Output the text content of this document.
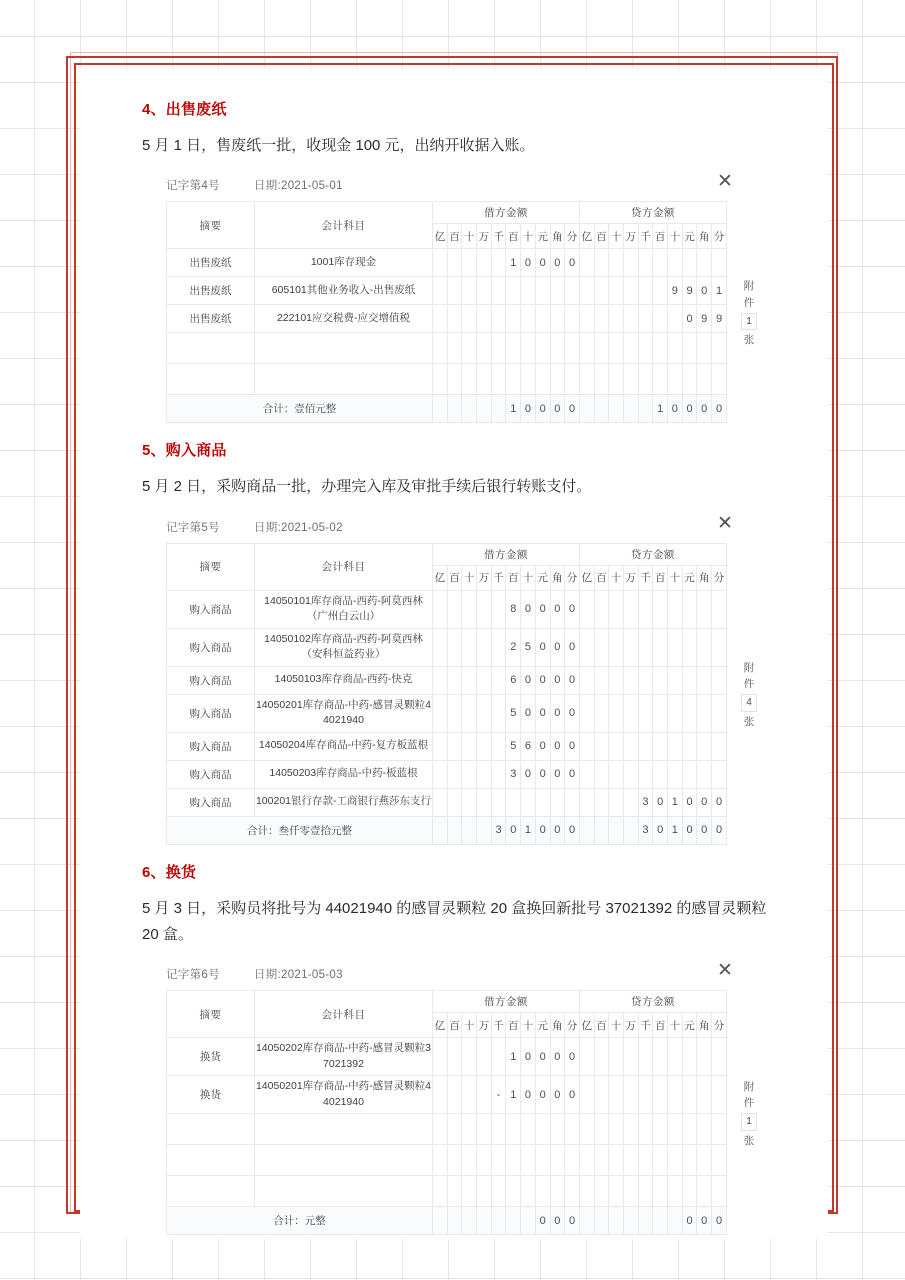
4、出售废纸
5 月 1 日，售废纸一批，收现金 100 元，出纳开收据入账。
记字第4号	日期:2021-05-01	✕
摘要	会计科目	借方金额										贷方金额									
		亿	百	十	万	千	百	十	元	角	分	亿	百	十	万	千	百	十	元	角	分
出售废纸	1001库存现金						1	0	0	0	0										
出售废纸	605101其他业务收入-出售废纸																	9	9	0	1
出售废纸	222101应交税费-应交增值税																		0	9	9

合计：壹佰元整							1	0	0	0	0						1	0	0	0	0
附
件
1
张
5、购入商品
5 月 2 日，采购商品一批，办理完入库及审批手续后银行转账支付。
记字第5号	日期:2021-05-02	✕
摘要	会计科目	借方金额										贷方金额									
		亿	百	十	万	千	百	十	元	角	分	亿	百	十	万	千	百	十	元	角	分
购入商品	14050101库存商品-西药-阿莫西林（广州白云山）						8	0	0	0	0										
购入商品	14050102库存商品-西药-阿莫西林（安科恒益药业）						2	5	0	0	0										
购入商品	14050103库存商品-西药-快克						6	0	0	0	0										
购入商品	14050201库存商品-中药-感冒灵颗粒44021940						5	0	0	0	0										
购入商品	14050204库存商品-中药-复方板蓝根						5	6	0	0	0										
购入商品	14050203库存商品-中药-板蓝根						3	0	0	0	0										
购入商品	100201银行存款-工商银行燕莎东支行															3	0	1	0	0	0
合计：叁仟零壹拾元整						3	0	1	0	0	0					3	0	1	0	0	0
附
件
4
张
6、换货
5 月 3 日，采购员将批号为 44021940 的感冒灵颗粒 20 盒换回新批号 37021392 的感冒灵颗粒 20 盒。
记字第6号	日期:2021-05-03	✕
摘要	会计科目	借方金额										贷方金额									
		亿	百	十	万	千	百	十	元	角	分	亿	百	十	万	千	百	十	元	角	分
换货	14050202库存商品-中药-感冒灵颗粒37021392						1	0	0	0	0										
换货	14050201库存商品-中药-感冒灵颗粒44021940					-	1	0	0	0	0										

合计：元整									0	0	0								0	0	0
附
件
1
张
